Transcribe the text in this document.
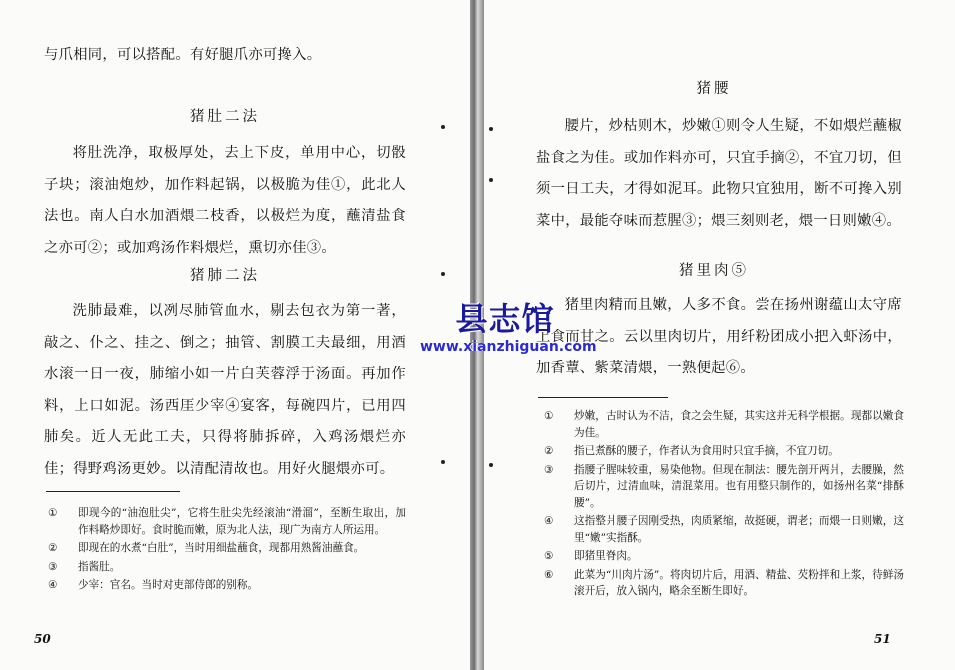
与爪相同，可以搭配。有好腿爪亦可搀入。
猪肚二法

将肚洗净，取极厚处，去上下皮，单用中心，切骰子块；滚油炮炒，加作料起锅，以极脆为佳①，此北人法也。南人白水加酒煨二枝香，以极烂为度，蘸清盐食之亦可②；或加鸡汤作料煨烂，熏切亦佳③。

猪肺二法

洗肺最难，以冽尽肺管血水，剔去包衣为第一著，敲之、仆之、挂之、倒之；抽管、割膜工夫最细，用酒水滚一日一夜，肺缩小如一片白芙蓉浮于汤面。再加作料，上口如泥。汤西厓少宰④宴客，每碗四片，已用四肺矣。近人无此工夫，只得将肺拆碎，入鸡汤煨烂亦佳；得野鸡汤更妙。以清配清故也。用好火腿煨亦可。

①	即现今的“油泡肚尖”，它将生肚尖先经滚油“滑溜”，至断生取出，加作料略炒即好。食时脆而嫩，原为北人法，现广为南方人所运用。
②	即现在的水煮“白肚”，当时用细盐蘸食，现都用熟酱油蘸食。
③	指酱肚。
④	少宰：官名。当时对吏部侍郎的别称。
50
猪腰

腰片，炒枯则木，炒嫩①则令人生疑，不如煨烂蘸椒盐食之为佳。或加作料亦可，只宜手摘②，不宜刀切，但须一日工夫，才得如泥耳。此物只宜独用，断不可搀入别菜中，最能夺味而惹腥③；煨三刻则老，煨一日则嫩④。

猪里肉⑤

猪里肉精而且嫩，人多不食。尝在扬州谢蕴山太守席上食而甘之。云以里肉切片，用纤粉团成小把入虾汤中，加香蕈、紫菜清煨，一熟便起⑥。

①	炒嫩，古时认为不洁，食之会生疑，其实这并无科学根据。现都以嫩食为佳。
②	指已煮酥的腰子，作者认为食用时只宜手摘，不宜刀切。
③	指腰子腥味较重，易染他物。但现在制法：腰先剖开两爿，去腰臊，然后切片，过清血味，清混菜用。也有用整只制作的，如扬州名菜“排酥腰”。
④	这指整爿腰子因刚受热，肉质紧缩，故挺硬，谓老；而煨一日则嫩，这里“嫩”实指酥。
⑤	即猪里脊肉。
⑥	此菜为“川肉片汤”。将肉切片后，用酒、精盐、芡粉拌和上浆，待鲜汤滚开后，放入锅内，略余至断生即好。
51
县志馆
www.xianzhiguan.com
